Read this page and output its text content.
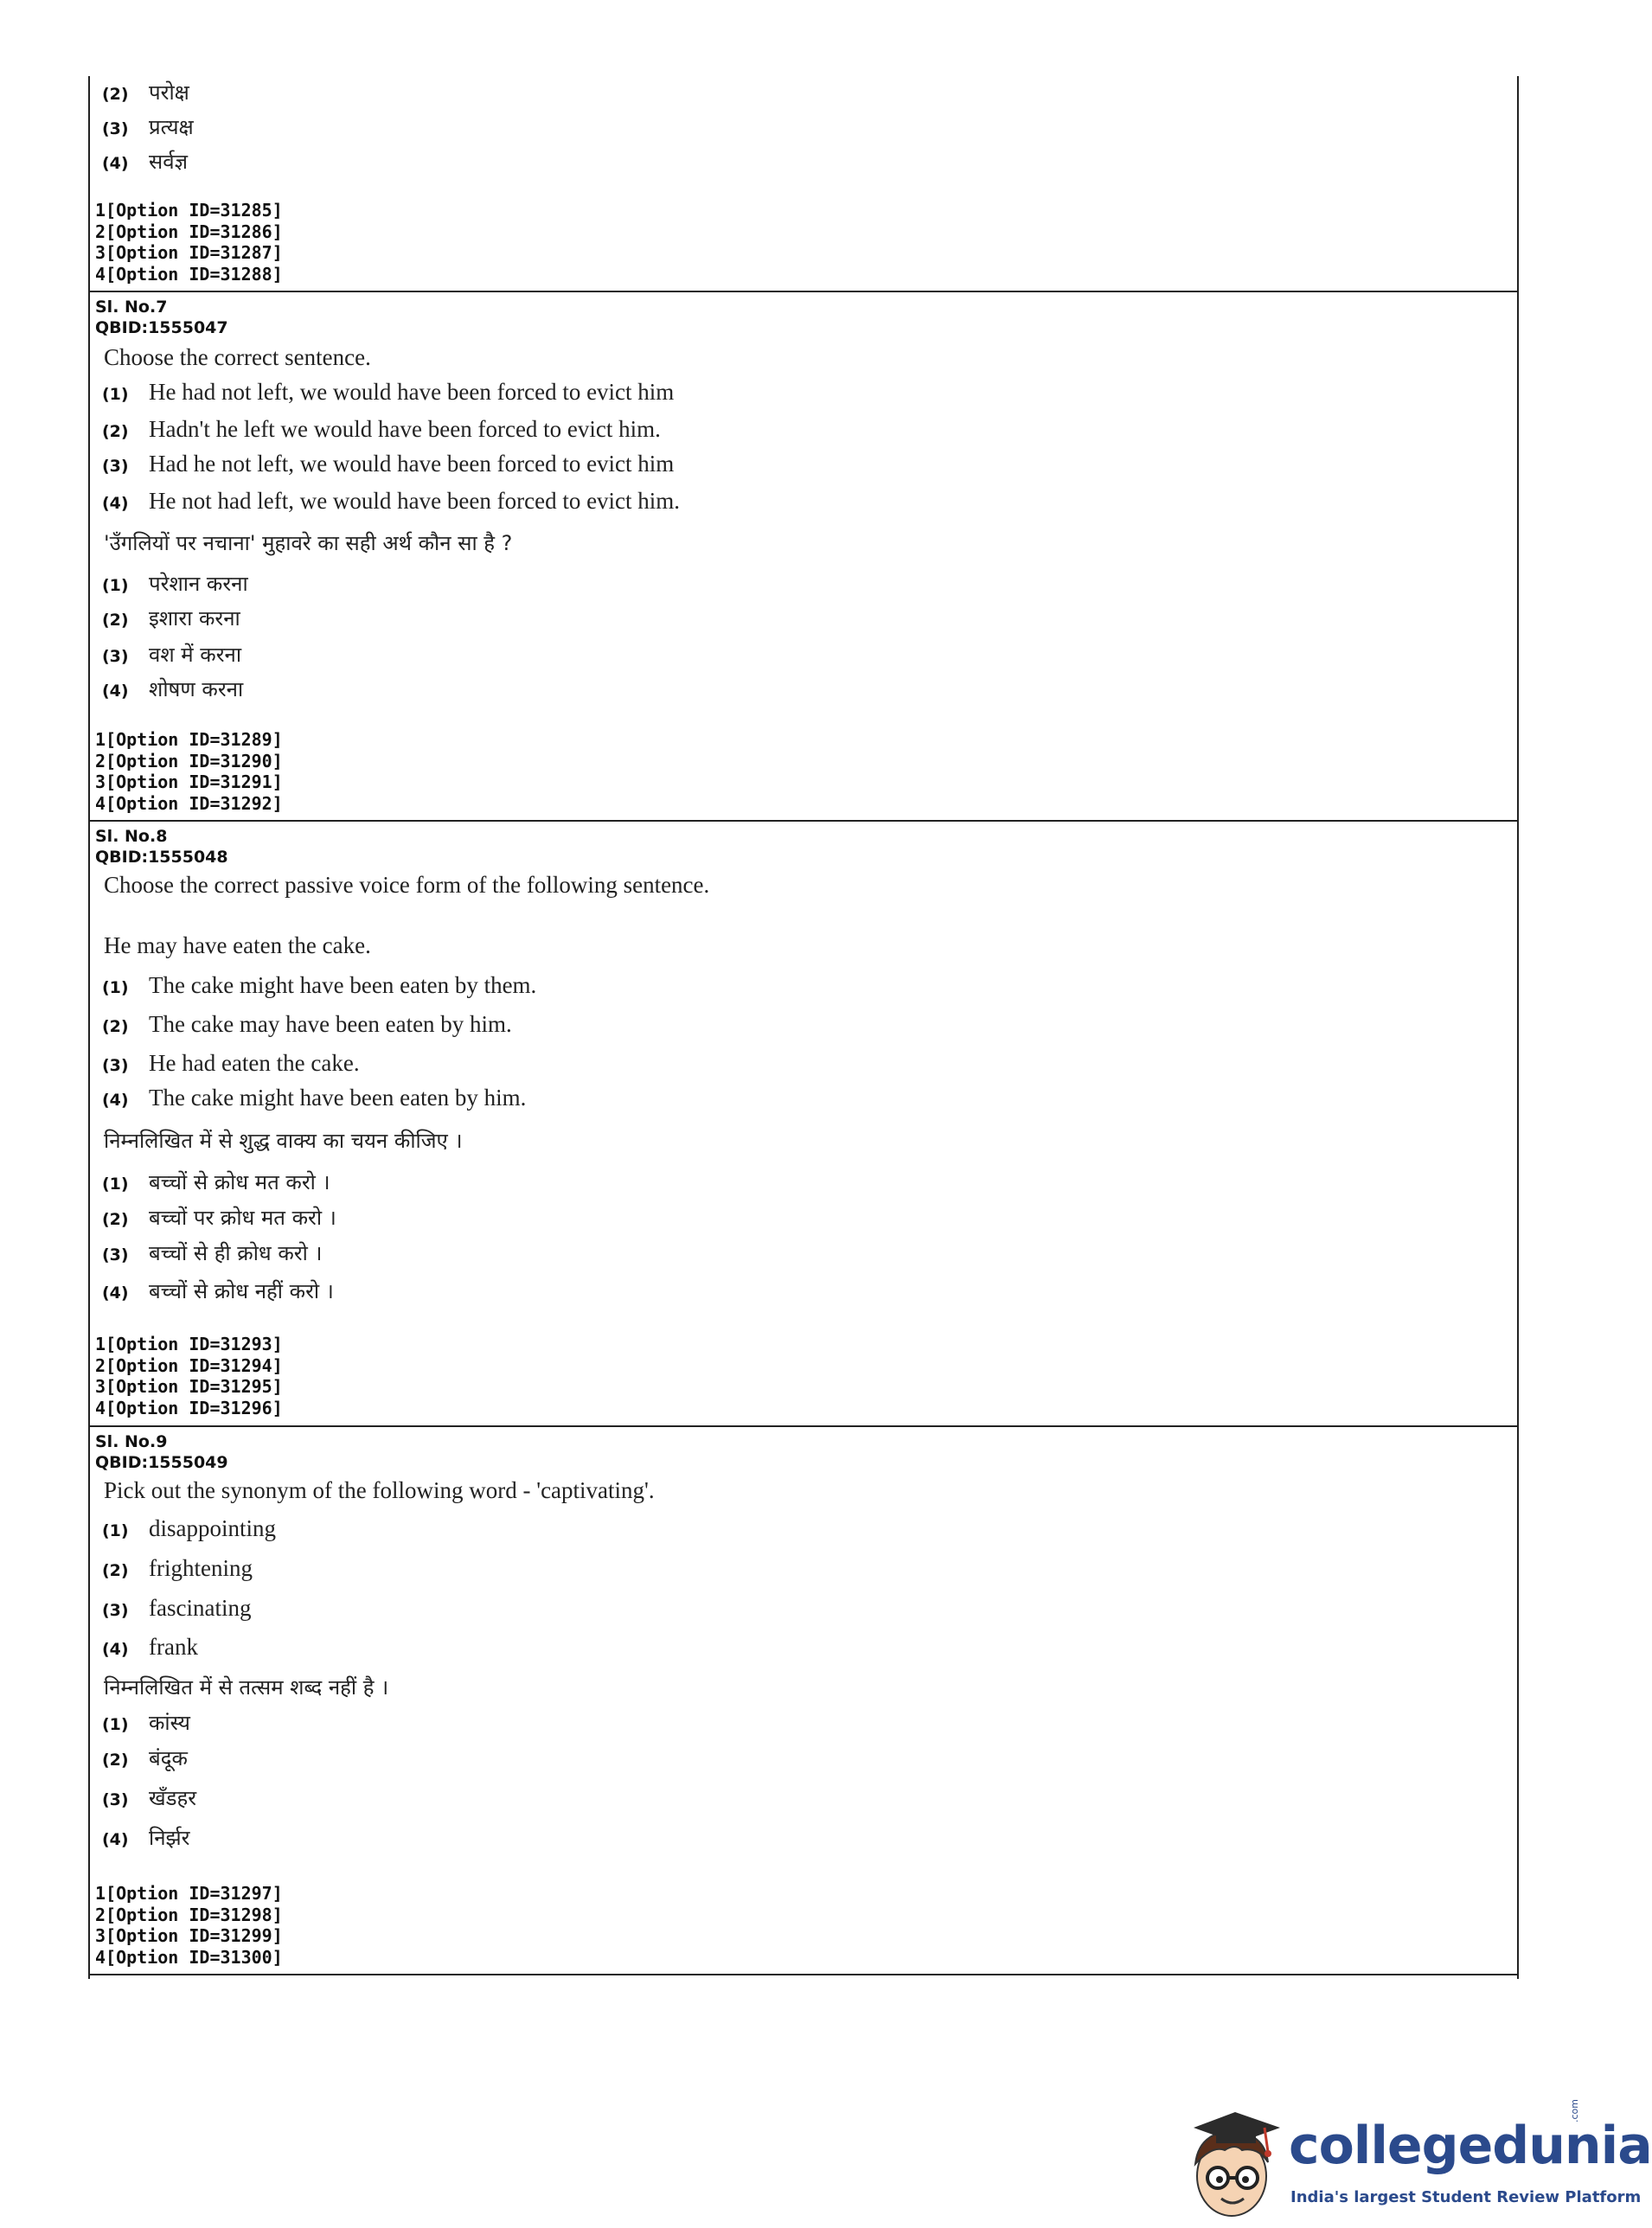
(2) परोक्ष
(3) प्रत्यक्ष
(4) सर्वज्ञ
1[Option ID=31285]
2[Option ID=31286]
3[Option ID=31287]
4[Option ID=31288]
Sl. No.7
QBID:1555047
Choose the correct sentence.
(1) He had not left, we would have been forced to evict him
(2) Hadn't he left we would have been forced to evict him.
(3) Had he not left, we would have been forced to evict him
(4) He not had left, we would have been forced to evict him.
'उँगलियों पर नचाना' मुहावरे का सही अर्थ कौन सा है ?
(1) परेशान करना
(2) इशारा करना
(3) वश में करना
(4) शोषण करना
1[Option ID=31289]
2[Option ID=31290]
3[Option ID=31291]
4[Option ID=31292]
Sl. No.8
QBID:1555048
Choose the correct passive voice form of the following sentence.
He may have eaten the cake.
(1) The cake might have been eaten by them.
(2) The cake may have been eaten by him.
(3) He had eaten the cake.
(4) The cake might have been eaten by him.
निम्नलिखित में से शुद्ध वाक्य का चयन कीजिए ।
(1) बच्चों से क्रोध मत करो ।
(2) बच्चों पर क्रोध मत करो ।
(3) बच्चों से ही क्रोध करो ।
(4) बच्चों से क्रोध नहीं करो ।
1[Option ID=31293]
2[Option ID=31294]
3[Option ID=31295]
4[Option ID=31296]
Sl. No.9
QBID:1555049
Pick out the synonym of the following word - 'captivating'.
(1) disappointing
(2) frightening
(3) fascinating
(4) frank
निम्नलिखित में से तत्सम शब्द नहीं है ।
(1) कांस्य
(2) बंदूक
(3) खँडहर
(4) निर्झर
1[Option ID=31297]
2[Option ID=31298]
3[Option ID=31299]
4[Option ID=31300]
collegedunia
.com
India's largest Student Review Platform
